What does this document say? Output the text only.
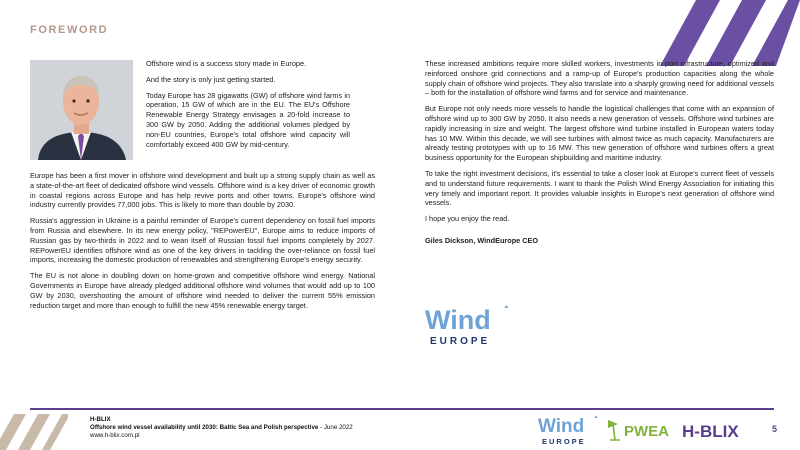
FOREWORD

Offshore wind is a success story made in Europe.

And the story is only just getting started.

Today Europe has 28 gigawatts (GW) of offshore wind farms in operation, 15 GW of which are in the EU. The EU's Offshore Renewable Energy Strategy envisages a 20-fold increase to 300 GW by 2050. Adding the additional volumes pledged by non-EU countries, Europe's total offshore wind capacity will comfortably exceed 400 GW by mid-century.

Europe has been a first mover in offshore wind development and built up a strong supply chain as well as a state-of-the-art fleet of dedicated offshore wind vessels. Offshore wind is a key driver of economic growth in coastal regions across Europe and has help revive ports and other towns. Europe's offshore wind industry currently provides 77,000 jobs. This is likely to more than double by 2030.

Russia's aggression in Ukraine is a painful reminder of Europe's current dependency on fossil fuel imports from Russia and elsewhere. In its new energy policy, "REPowerEU", Europe aims to reduce imports of Russian gas by two-thirds in 2022 and to wean itself of Russian fossil fuel imports completely by 2027. REPowerEU identifies offshore wind as one of the key drivers in tackling the over-reliance on fossil fuel imports, increasing the domestic production of renewables and strengthening Europe's energy security.

The EU is not alone in doubling down on home-grown and competitive offshore wind energy. National Governments in Europe have already pledged additional offshore wind volumes that would add up to 100 GW by 2030, overshooting the amount of offshore wind needed to deliver the current 55% emission reduction target and more than enough to fulfill the new 45% renewable energy target.

These increased ambitions require more skilled workers, investments in port infrastructure, optimized and reinforced onshore grid connections and a ramp-up of Europe's production capacities along the whole supply chain of offshore wind projects. They also translate into a sharply growing need for additional vessels – both for the installation of offshore wind farms and for service and maintenance.

But Europe not only needs more vessels to handle the logistical challenges that come with an expansion of offshore wind up to 300 GW by 2050. It also needs a new generation of vessels. Offshore wind turbines are rapidly increasing in size and weight. The largest offshore wind turbine installed in European waters today has 10 MW. Within this decade, we will see turbines with almost twice as much capacity. Manufacturers are already testing prototypes with up to 16 MW. This new generation of offshore wind turbines offers a great business opportunity for the European shipbuilding and maritime industry.

To take the right investment decisions, it's essential to take a closer look at Europe's current fleet of vessels and to understand future requirements. I want to thank the Polish Wind Energy Association for initiating this very timely and important report. It provides valuable insights in Europe's next generation of offshore wind vessels.

I hope you enjoy the read.

Giles Dickson, WindEurope CEO

Wind
EUROPE
H-BLIX
Offshore wind vessel availability until 2030: Baltic Sea and Polish perspective - June 2022
www.h-blix.com.pl	Wind
EUROPE
PWEA H-BLIX	5
